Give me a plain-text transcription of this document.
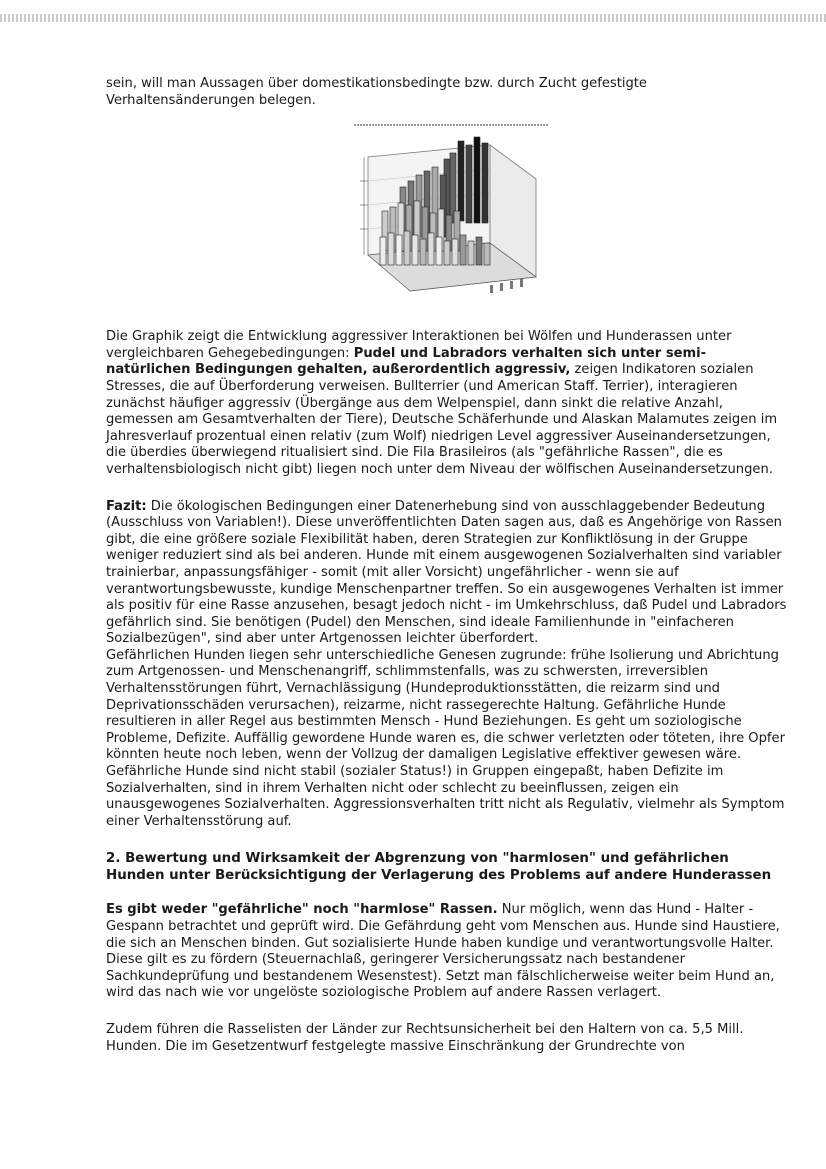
sein, will man Aussagen über domestikationsbedingte bzw. durch Zucht gefestigte Verhaltensänderungen belegen.

Die Graphik zeigt die Entwicklung aggressiver Interaktionen bei Wölfen und Hunderassen unter vergleichbaren Gehegebedingungen: Pudel und Labradors verhalten sich unter semi-natürlichen Bedingungen gehalten, außerordentlich aggressiv, zeigen Indikatoren sozialen Stresses, die auf Überforderung verweisen. Bullterrier (und American Staff. Terrier), interagieren zunächst häufiger aggressiv (Übergänge aus dem Welpenspiel, dann sinkt die relative Anzahl, gemessen am Gesamtverhalten der Tiere), Deutsche Schäferhunde und Alaskan Malamutes zeigen im Jahresverlauf prozentual einen relativ (zum Wolf) niedrigen Level aggressiver Auseinandersetzungen, die überdies überwiegend ritualisiert sind. Die Fila Brasileiros (als "gefährliche Rassen", die es verhaltensbiologisch nicht gibt) liegen noch unter dem Niveau der wölfischen Auseinandersetzungen.

Fazit: Die ökologischen Bedingungen einer Datenerhebung sind von ausschlaggebender Bedeutung (Ausschluss von Variablen!). Diese unveröffentlichten Daten sagen aus, daß es Angehörige von Rassen gibt, die eine größere soziale Flexibilität haben, deren Strategien zur Konfliktlösung in der Gruppe weniger reduziert sind als bei anderen. Hunde mit einem ausgewogenen Sozialverhalten sind variabler trainierbar, anpassungsfähiger - somit (mit aller Vorsicht) ungefährlicher - wenn sie auf verantwortungsbewusste, kundige Menschenpartner treffen. So ein ausgewogenes Verhalten ist immer als positiv für eine Rasse anzusehen, besagt jedoch nicht - im Umkehrschluss, daß Pudel und Labradors gefährlich sind. Sie benötigen (Pudel) den Menschen, sind ideale Familienhunde in "einfacheren Sozialbezügen", sind aber unter Artgenossen leichter überfordert.

Gefährlichen Hunden liegen sehr unterschiedliche Genesen zugrunde: frühe Isolierung und Abrichtung zum Artgenossen- und Menschenangriff, schlimmstenfalls, was zu schwersten, irreversiblen Verhaltensstörungen führt, Vernachlässigung (Hundeproduktionsstätten, die reizarm sind und Deprivationsschäden verursachen), reizarme, nicht rassegerechte Haltung. Gefährliche Hunde resultieren in aller Regel aus bestimmten Mensch - Hund Beziehungen. Es geht um soziologische Probleme, Defizite. Auffällig gewordene Hunde waren es, die schwer verletzten oder töteten, ihre Opfer könnten heute noch leben, wenn der Vollzug der damaligen Legislative effektiver gewesen wäre.

Gefährliche Hunde sind nicht stabil (sozialer Status!) in Gruppen eingepaßt, haben Defizite im Sozialverhalten, sind in ihrem Verhalten nicht oder schlecht zu beeinflussen, zeigen ein unausgewogenes Sozialverhalten. Aggressionsverhalten tritt nicht als Regulativ, vielmehr als Symptom einer Verhaltensstörung auf.

2. Bewertung und Wirksamkeit der Abgrenzung von "harmlosen" und gefährlichen Hunden unter Berücksichtigung der Verlagerung des Problems auf andere Hunderassen

Es gibt weder "gefährliche" noch "harmlose" Rassen. Nur möglich, wenn das Hund - Halter - Gespann betrachtet und geprüft wird. Die Gefährdung geht vom Menschen aus. Hunde sind Haustiere, die sich an Menschen binden. Gut sozialisierte Hunde haben kundige und verantwortungsvolle Halter. Diese gilt es zu fördern (Steuernachlaß, geringerer Versicherungssatz nach bestandener Sachkundeprüfung und bestandenem Wesenstest). Setzt man fälschlicherweise weiter beim Hund an, wird das nach wie vor ungelöste soziologische Problem auf andere Rassen verlagert.

Zudem führen die Rasselisten der Länder zur Rechtsunsicherheit bei den Haltern von ca. 5,5 Mill. Hunden. Die im Gesetzentwurf festgelegte massive Einschränkung der Grundrechte von
